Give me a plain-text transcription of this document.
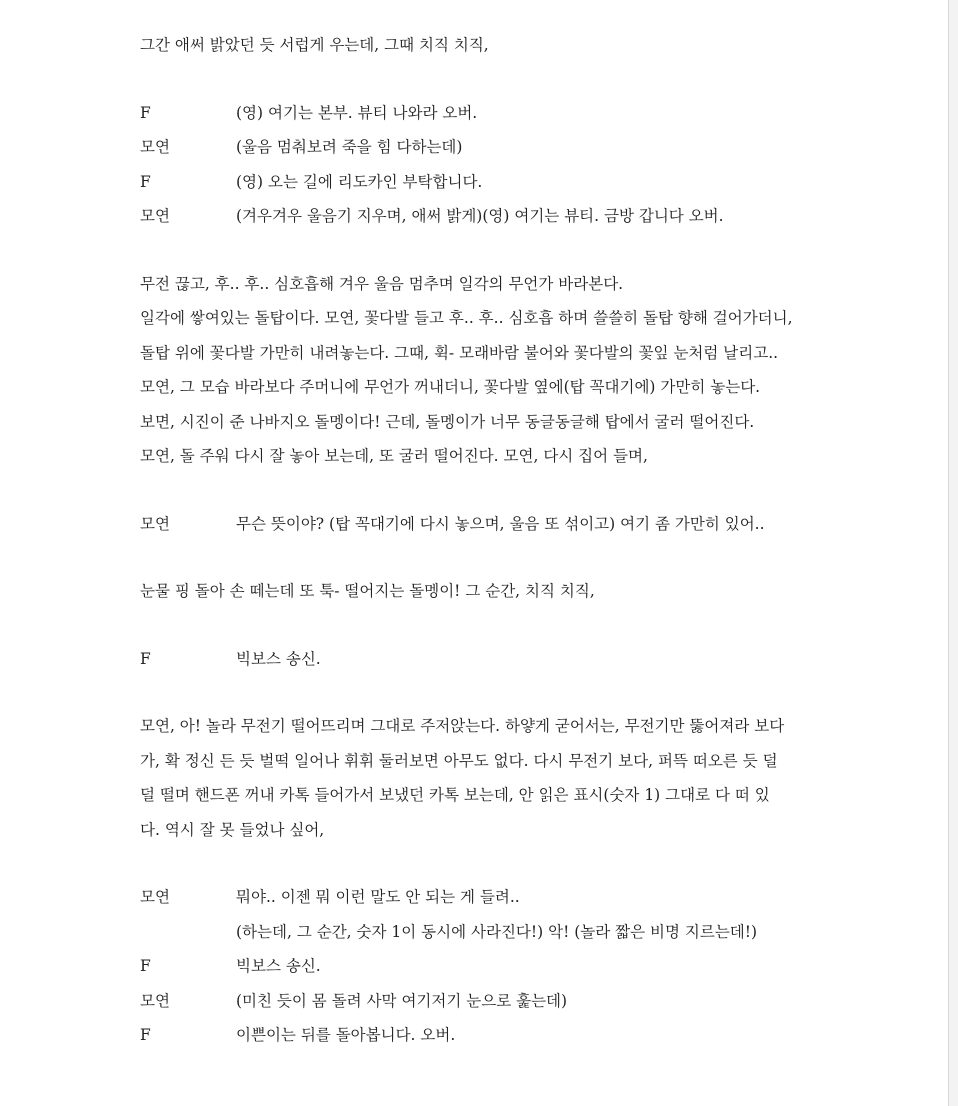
그간 애써 밝았던 듯 서럽게 우는데, 그때 치직 치직,

F	(영) 여기는 본부. 뷰티 나와라 오버.
모연	(울음 멈춰보려 죽을 힘 다하는데)
F	(영) 오는 길에 리도카인 부탁합니다.
모연	(겨우겨우 울음기 지우며, 애써 밝게)(영) 여기는 뷰티. 금방 갑니다 오버.

무전 끊고, 후.. 후.. 심호흡해 겨우 울음 멈추며 일각의 무언가 바라본다.

일각에 쌓여있는 돌탑이다. 모연, 꽃다발 들고 후.. 후.. 심호흡 하며 쓸쓸히 돌탑 향해 걸어가더니,

돌탑 위에 꽃다발 가만히 내려놓는다. 그때, 휙- 모래바람 불어와 꽃다발의 꽃잎 눈처럼 날리고..

모연, 그 모습 바라보다 주머니에 무언가 꺼내더니, 꽃다발 옆에(탑 꼭대기에) 가만히 놓는다.

보면, 시진이 준 나바지오 돌멩이다! 근데, 돌멩이가 너무 동글동글해 탑에서 굴러 떨어진다.

모연, 돌 주워 다시 잘 놓아 보는데, 또 굴러 떨어진다. 모연, 다시 집어 들며,

모연	무슨 뜻이야? (탑 꼭대기에 다시 놓으며, 울음 또 섞이고) 여기 좀 가만히 있어..

눈물 핑 돌아 손 떼는데 또 툭- 떨어지는 돌멩이! 그 순간, 치직 치직,

F	빅보스 송신.

모연, 아! 놀라 무전기 떨어뜨리며 그대로 주저앉는다. 하얗게 굳어서는, 무전기만 뚫어져라 보다

가, 확 정신 든 듯 벌떡 일어나 휘휘 둘러보면 아무도 없다. 다시 무전기 보다, 퍼뜩 떠오른 듯 덜

덜 떨며 핸드폰 꺼내 카톡 들어가서 보냈던 카톡 보는데, 안 읽은 표시(숫자 1) 그대로 다 떠 있

다. 역시 잘 못 들었나 싶어,

모연	뭐야.. 이젠 뭐 이런 말도 안 되는 게 들려..
(하는데, 그 순간, 숫자 1이 동시에 사라진다!) 악! (놀라 짧은 비명 지르는데!)
F	빅보스 송신.
모연	(미친 듯이 몸 돌려 사막 여기저기 눈으로 훑는데)
F	이쁜이는 뒤를 돌아봅니다. 오버.
